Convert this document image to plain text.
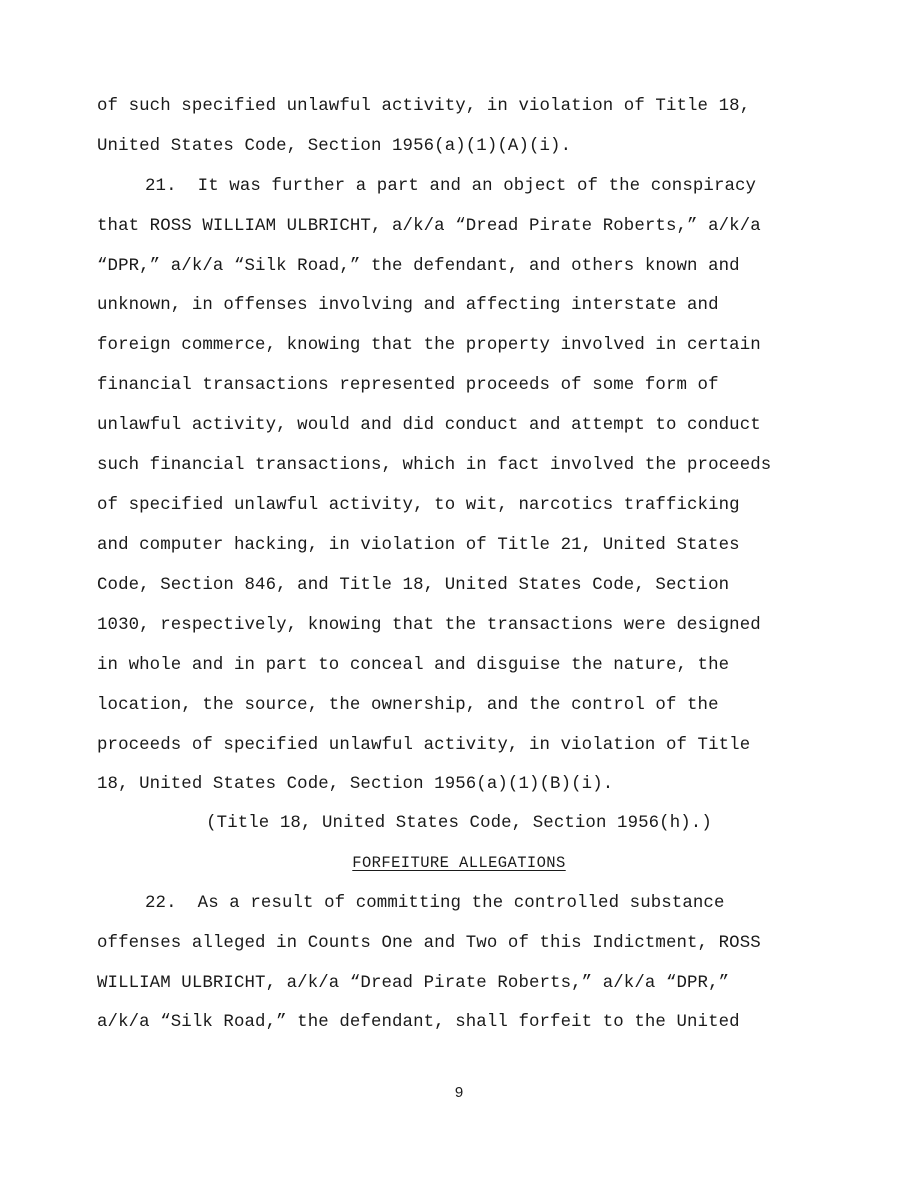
of such specified unlawful activity, in violation of Title 18,
United States Code, Section 1956(a)(1)(A)(i).
21.  It was further a part and an object of the conspiracy
that ROSS WILLIAM ULBRICHT, a/k/a “Dread Pirate Roberts,” a/k/a
“DPR,” a/k/a “Silk Road,” the defendant, and others known and
unknown, in offenses involving and affecting interstate and
foreign commerce, knowing that the property involved in certain
financial transactions represented proceeds of some form of
unlawful activity, would and did conduct and attempt to conduct
such financial transactions, which in fact involved the proceeds
of specified unlawful activity, to wit, narcotics trafficking
and computer hacking, in violation of Title 21, United States
Code, Section 846, and Title 18, United States Code, Section
1030, respectively, knowing that the transactions were designed
in whole and in part to conceal and disguise the nature, the
location, the source, the ownership, and the control of the
proceeds of specified unlawful activity, in violation of Title
18, United States Code, Section 1956(a)(1)(B)(i).
(Title 18, United States Code, Section 1956(h).)
FORFEITURE ALLEGATIONS
22.  As a result of committing the controlled substance
offenses alleged in Counts One and Two of this Indictment, ROSS
WILLIAM ULBRICHT, a/k/a “Dread Pirate Roberts,” a/k/a “DPR,”
a/k/a “Silk Road,” the defendant, shall forfeit to the United
9
